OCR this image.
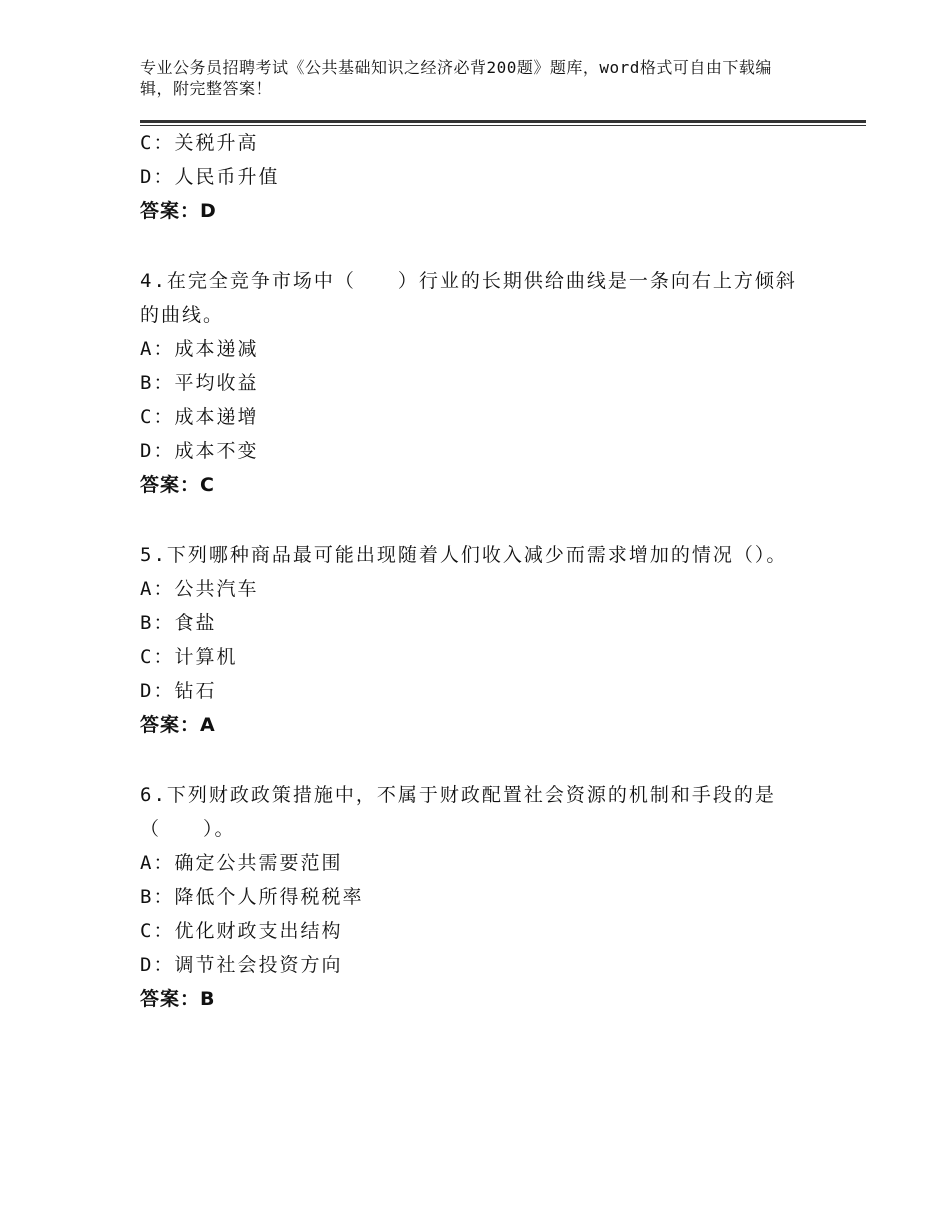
专业公务员招聘考试《公共基础知识之经济必背200题》题库，word格式可自由下载编辑，附完整答案！
C：关税升高
D：人民币升值
答案：D
4.在完全竞争市场中（　　）行业的长期供给曲线是一条向右上方倾斜的曲线。
A：成本递减
B：平均收益
C：成本递增
D：成本不变
答案：C
5.下列哪种商品最可能出现随着人们收入减少而需求增加的情况（）。
A：公共汽车
B：食盐
C：计算机
D：钻石
答案：A
6.下列财政政策措施中，不属于财政配置社会资源的机制和手段的是（　　）。
A：确定公共需要范围
B：降低个人所得税税率
C：优化财政支出结构
D：调节社会投资方向
答案：B
